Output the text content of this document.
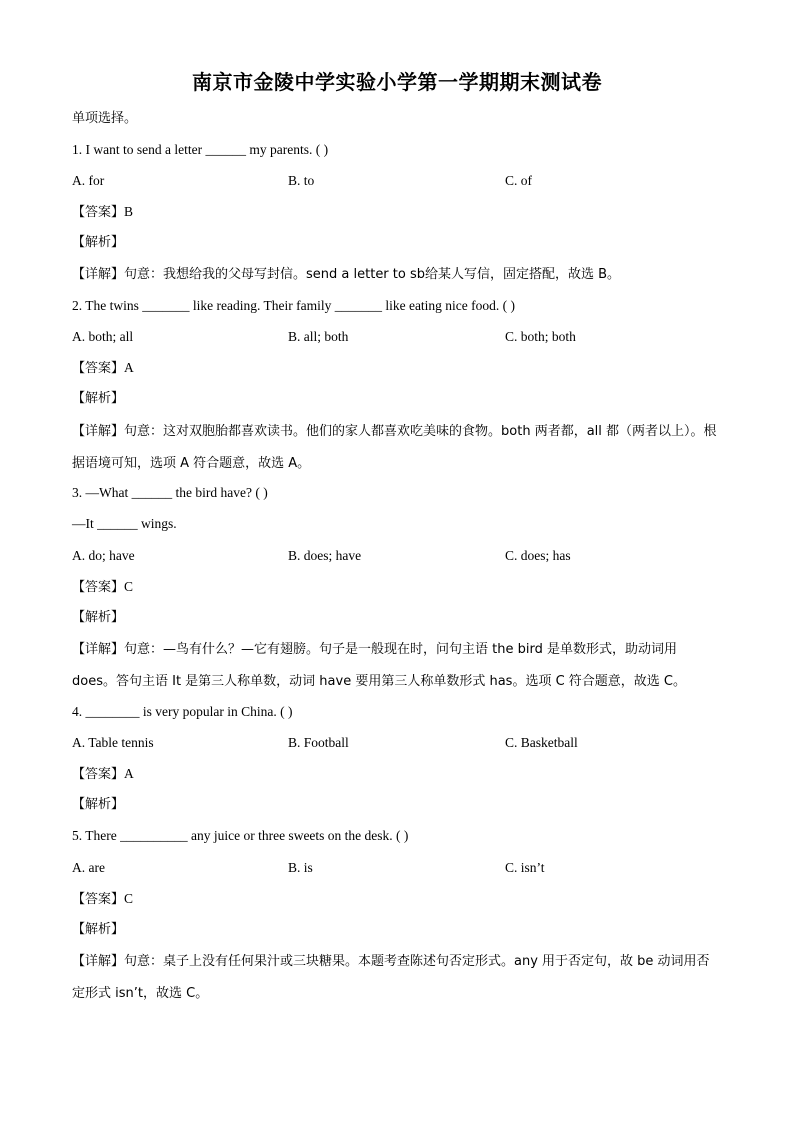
南京市金陵中学实验小学第一学期期末测试卷
单项选择。
1. I want to send a letter ______ my parents. ( )
A. for	B. to	C. of
【答案】B
【解析】
【详解】句意：我想给我的父母写封信。send a letter to sb给某人写信，固定搭配，故选 B。
2. The twins _______ like reading. Their family _______ like eating nice food. ( )
A. both; all	B. all; both	C. both; both
【答案】A
【解析】
【详解】句意：这对双胞胎都喜欢读书。他们的家人都喜欢吃美味的食物。both 两者都，all 都（两者以上）。根据语境可知，选项 A 符合题意，故选 A。
3. —What ______ the bird have? ( )
—It ______ wings.
A. do; have	B. does; have	C. does; has
【答案】C
【解析】
【详解】句意：—鸟有什么？—它有翅膀。句子是一般现在时，问句主语 the bird 是单数形式，助动词用 does。答句主语 It 是第三人称单数，动词 have 要用第三人称单数形式 has。选项 C 符合题意，故选 C。
4. ________ is very popular in China. ( )
A. Table tennis	B. Football	C. Basketball
【答案】A
【解析】
5. There __________ any juice or three sweets on the desk. ( )
A. are	B. is	C. isn’t
【答案】C
【解析】
【详解】句意：桌子上没有任何果汁或三块糖果。本题考查陈述句否定形式。any 用于否定句，故 be 动词用否定形式 isn’t，故选 C。
